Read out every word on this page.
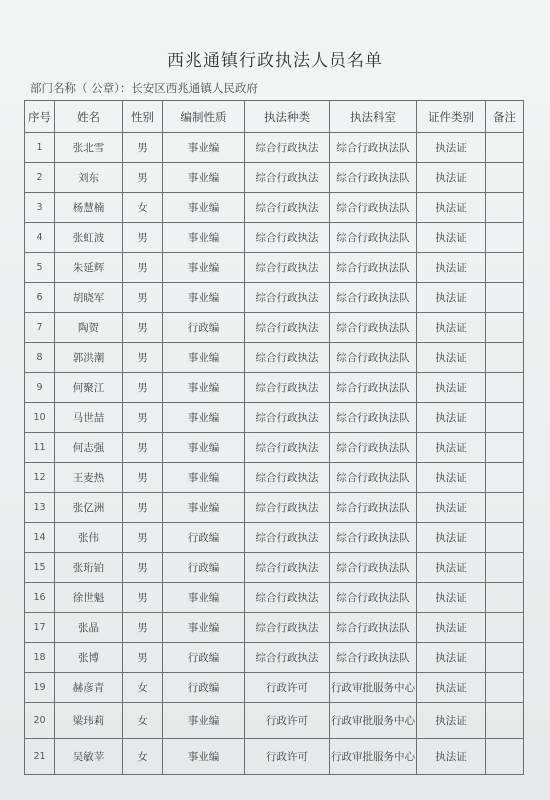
西兆通镇行政执法人员名单
部门名称（ 公章）：长安区西兆通镇人民政府
序号	姓名	性别	编制性质	执法种类	执法科室	证件类别	备注
1	张北雪	男	事业编	综合行政执法	综合行政执法队	执法证	
2	刘东	男	事业编	综合行政执法	综合行政执法队	执法证	
3	杨慧楠	女	事业编	综合行政执法	综合行政执法队	执法证	
4	张虹波	男	事业编	综合行政执法	综合行政执法队	执法证	
5	朱延辉	男	事业编	综合行政执法	综合行政执法队	执法证	
6	胡晓军	男	事业编	综合行政执法	综合行政执法队	执法证	
7	陶贺	男	行政编	综合行政执法	综合行政执法队	执法证	
8	郭洪潮	男	事业编	综合行政执法	综合行政执法队	执法证	
9	何聚江	男	事业编	综合行政执法	综合行政执法队	执法证	
10	马世喆	男	事业编	综合行政执法	综合行政执法队	执法证	
11	何志强	男	事业编	综合行政执法	综合行政执法队	执法证	
12	王麦热	男	事业编	综合行政执法	综合行政执法队	执法证	
13	张亿洲	男	事业编	综合行政执法	综合行政执法队	执法证	
14	张伟	男	行政编	综合行政执法	综合行政执法队	执法证	
15	张珩铂	男	行政编	综合行政执法	综合行政执法队	执法证	
16	徐世魁	男	事业编	综合行政执法	综合行政执法队	执法证	
17	张晶	男	事业编	综合行政执法	综合行政执法队	执法证	
18	张博	男	行政编	综合行政执法	综合行政执法队	执法证	
19	赫彦青	女	行政编	行政许可	行政审批服务中心	执法证	
20	梁玮莉	女	事业编	行政许可	行政审批服务中心	执法证	
21	吴敏苹	女	事业编	行政许可	行政审批服务中心	执法证	
